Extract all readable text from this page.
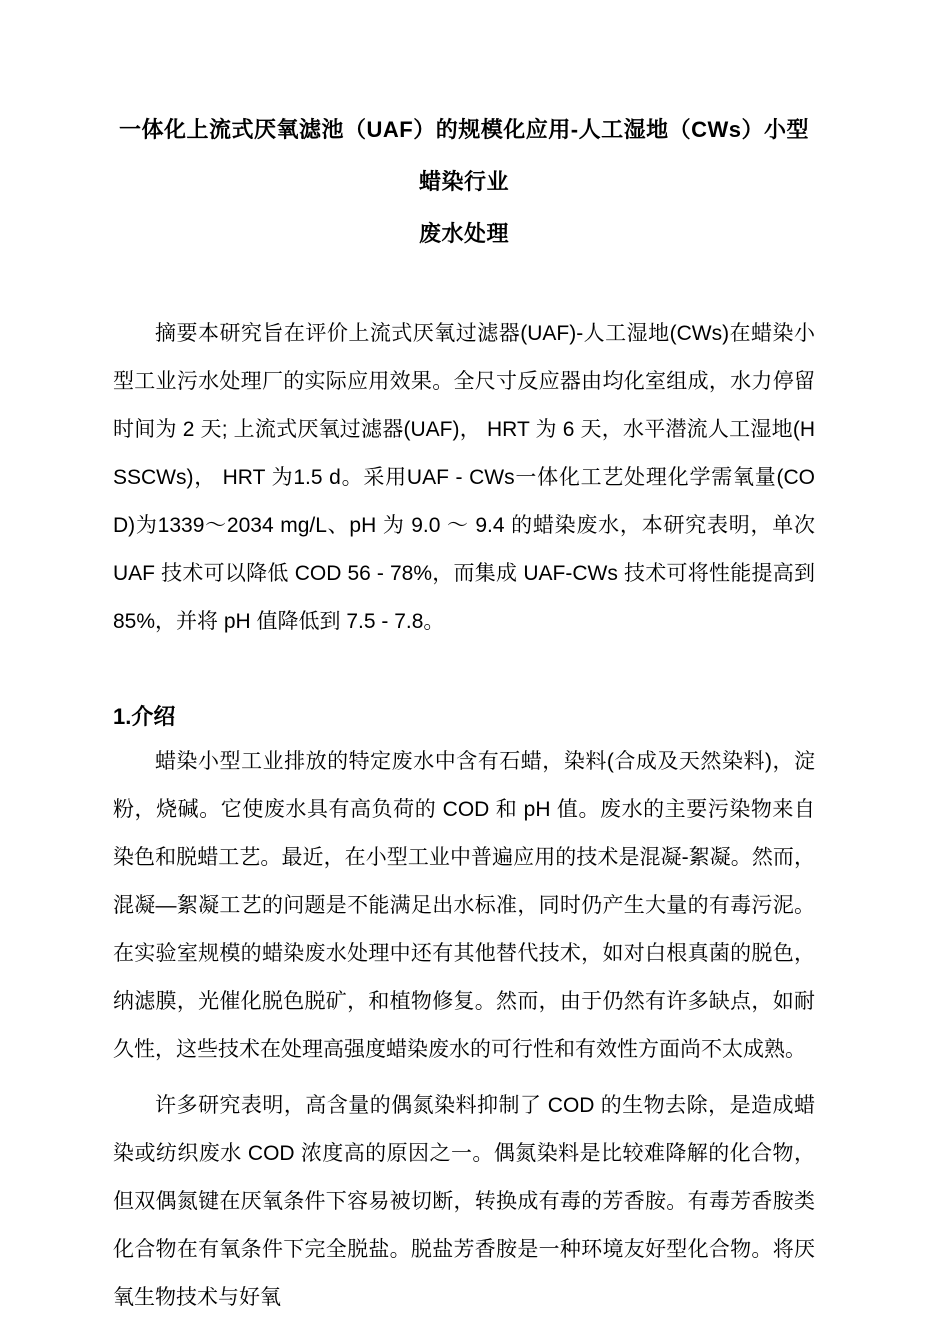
一体化上流式厌氧滤池（UAF）的规模化应用-人工湿地（CWs）小型蜡染行业
废水处理

摘要本研究旨在评价上流式厌氧过滤器(UAF)-人工湿地(CWs)在蜡染小型工业污水处理厂的实际应用效果。全尺寸反应器由均化室组成，水力停留时间为 2 天; 上流式厌氧过滤器(UAF)， HRT 为 6 天，水平潜流人工湿地(HSSCWs)， HRT 为1.5 d。采用UAF - CWs一体化工艺处理化学需氧量(COD)为1339～2034 mg/L、pH 为 9.0 ～ 9.4 的蜡染废水，本研究表明，单次 UAF 技术可以降低 COD 56 - 78%，而集成 UAF-CWs 技术可将性能提高到 85%，并将 pH 值降低到 7.5 - 7.8。

1.介绍

蜡染小型工业排放的特定废水中含有石蜡，染料(合成及天然染料)，淀粉，烧碱。它使废水具有高负荷的 COD 和 pH 值。废水的主要污染物来自染色和脱蜡工艺。最近，在小型工业中普遍应用的技术是混凝-絮凝。然而，混凝—絮凝工艺的问题是不能满足出水标准，同时仍产生大量的有毒污泥。在实验室规模的蜡染废水处理中还有其他替代技术，如对白根真菌的脱色，纳滤膜，光催化脱色脱矿，和植物修复。然而，由于仍然有许多缺点，如耐久性，这些技术在处理高强度蜡染废水的可行性和有效性方面尚不太成熟。

许多研究表明，高含量的偶氮染料抑制了 COD 的生物去除，是造成蜡染或纺织废水 COD 浓度高的原因之一。偶氮染料是比较难降解的化合物，但双偶氮键在厌氧条件下容易被切断，转换成有毒的芳香胺。有毒芳香胺类化合物在有氧条件下完全脱盐。脱盐芳香胺是一种环境友好型化合物。将厌氧生物技术与好氧
